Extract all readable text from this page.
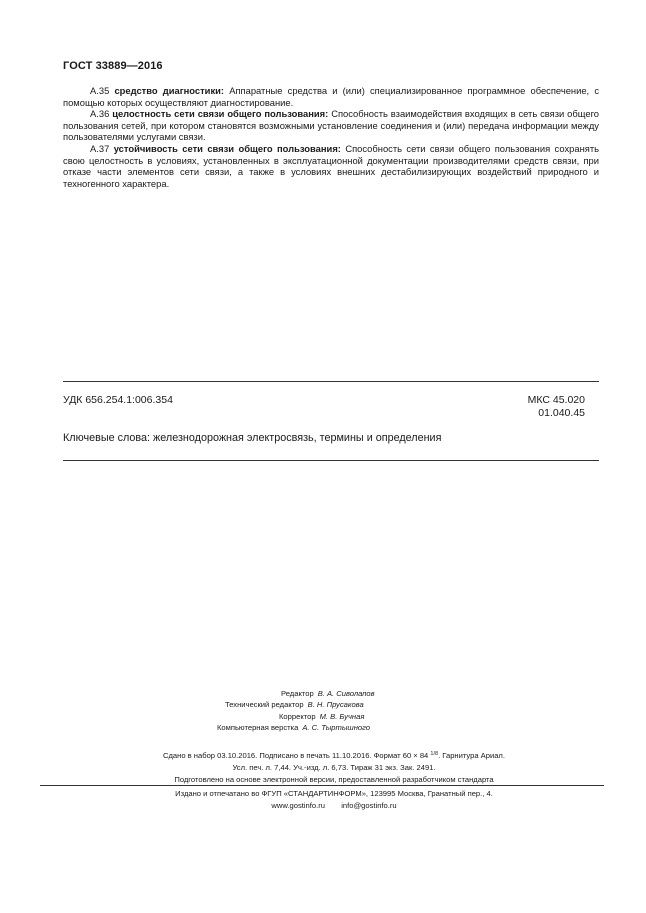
ГОСТ 33889—2016

А.35 средство диагностики: Аппаратные средства и (или) специализированное программное обеспечение, с помощью которых осуществляют диагностирование.

А.36 целостность сети связи общего пользования: Способность взаимодействия входящих в сеть связи общего пользования сетей, при котором становятся возможными установление соединения и (или) передача информации между пользователями услугами связи.

А.37 устойчивость сети связи общего пользования: Способность сети связи общего пользования сохранять свою целостность в условиях, установленных в эксплуатационной документации производителями средств связи, при отказе части элементов сети связи, а также в условиях внешних дестабилизирующих воздействий природного и техногенного характера.

УДК 656.254.1:006.354	МКС 45.020
01.040.45
Ключевые слова: железнодорожная электросвязь, термины и определения
Редактор В. А. Сиволапов
Технический редактор В. Н. Прусакова
Корректор М. В. Бучная
Компьютерная верстка А. С. Тыртышного
Сдано в набор 03.10.2016. Подписано в печать 11.10.2016. Формат 60 × 84 $^{1/8}$. Гарнитура Ариал.
Усл. печ. л. 7,44. Уч.-изд. л. 6,73. Тираж 31 экз. Зак. 2491.
Подготовлено на основе электронной версии, предоставленной разработчиком стандарта
Издано и отпечатано во ФГУП «СТАНДАРТИНФОРМ», 123995 Москва, Гранатный пер., 4.
www.gostinfo.ru info@gostinfo.ru
